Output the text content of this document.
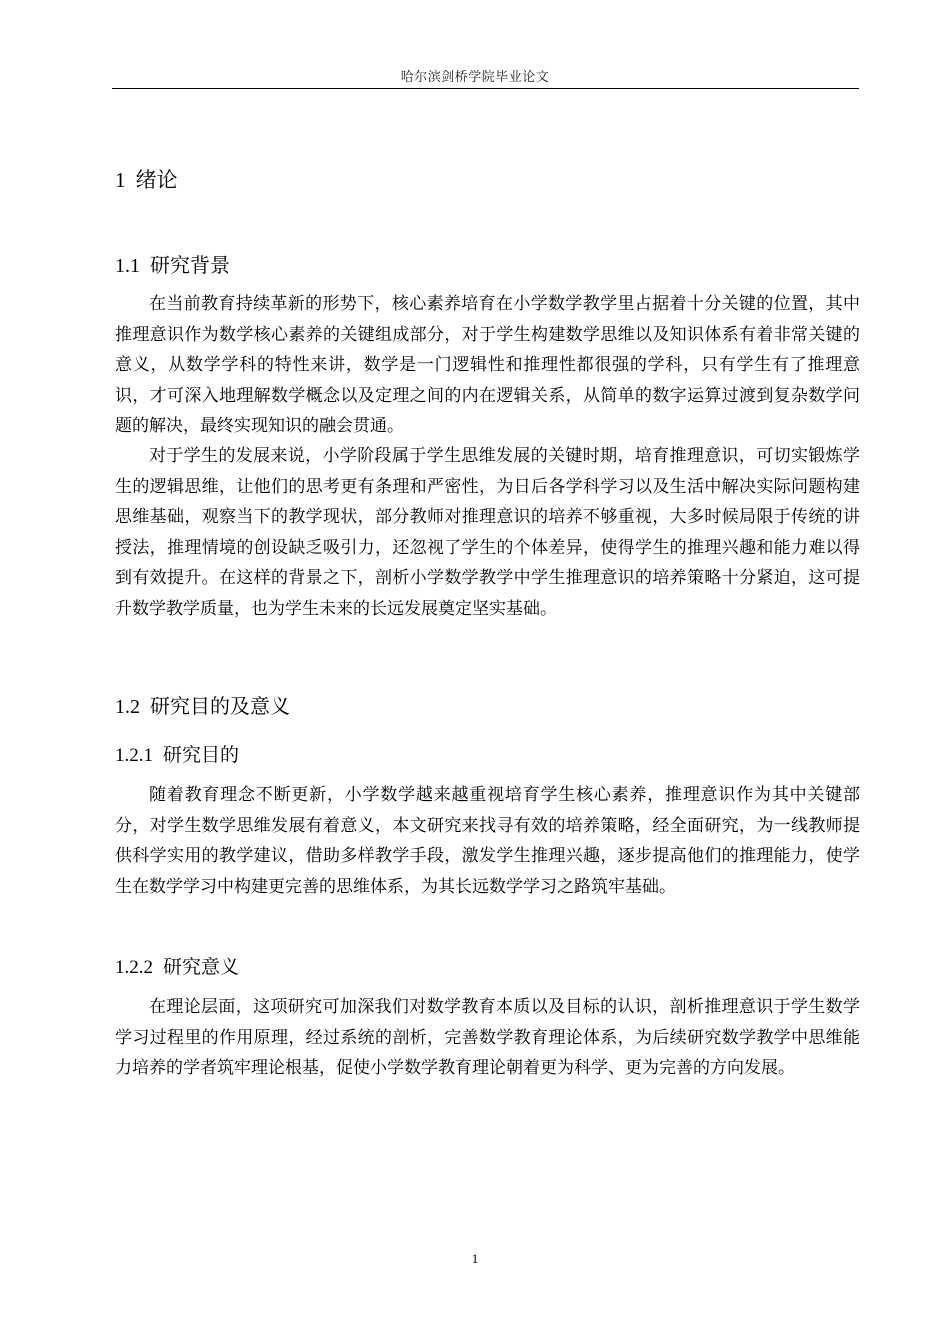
哈尔滨剑桥学院毕业论文
1 绪论
1.1 研究背景

在当前教育持续革新的形势下，核心素养培育在小学数学教学里占据着十分关键的位置，其中推理意识作为数学核心素养的关键组成部分，对于学生构建数学思维以及知识体系有着非常关键的意义，从数学学科的特性来讲，数学是一门逻辑性和推理性都很强的学科，只有学生有了推理意识，才可深入地理解数学概念以及定理之间的内在逻辑关系，从简单的数字运算过渡到复杂数学问题的解决，最终实现知识的融会贯通。

对于学生的发展来说，小学阶段属于学生思维发展的关键时期，培育推理意识，可切实锻炼学生的逻辑思维，让他们的思考更有条理和严密性，为日后各学科学习以及生活中解决实际问题构建思维基础，观察当下的教学现状，部分教师对推理意识的培养不够重视，大多时候局限于传统的讲授法，推理情境的创设缺乏吸引力，还忽视了学生的个体差异，使得学生的推理兴趣和能力难以得到有效提升。在这样的背景之下，剖析小学数学教学中学生推理意识的培养策略十分紧迫，这可提升数学教学质量，也为学生未来的长远发展奠定坚实基础。

1.2 研究目的及意义
1.2.1 研究目的

随着教育理念不断更新，小学数学越来越重视培育学生核心素养，推理意识作为其中关键部分，对学生数学思维发展有着意义，本文研究来找寻有效的培养策略，经全面研究，为一线教师提供科学实用的教学建议，借助多样教学手段，激发学生推理兴趣，逐步提高他们的推理能力，使学生在数学学习中构建更完善的思维体系，为其长远数学学习之路筑牢基础。

1.2.2 研究意义

在理论层面，这项研究可加深我们对数学教育本质以及目标的认识，剖析推理意识于学生数学学习过程里的作用原理，经过系统的剖析，完善数学教育理论体系，为后续研究数学教学中思维能力培养的学者筑牢理论根基，促使小学数学教育理论朝着更为科学、更为完善的方向发展。

1
